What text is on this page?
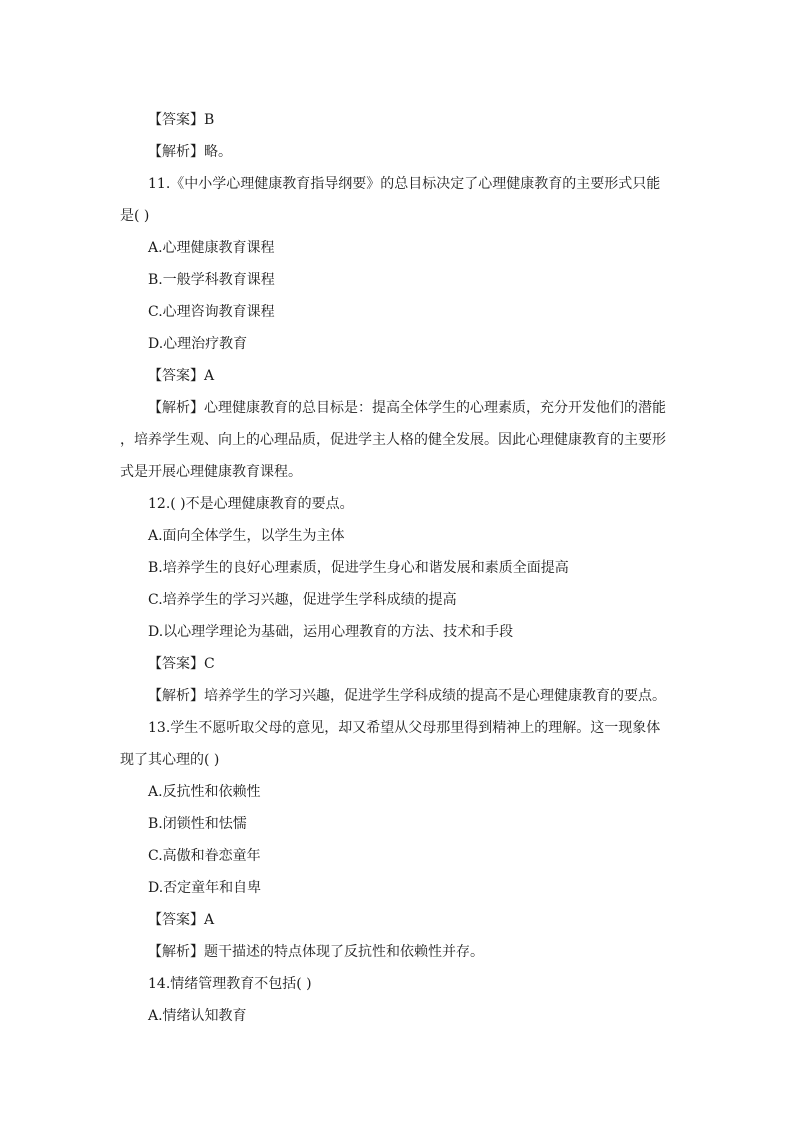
【答案】B
【解析】略。
11.《中小学心理健康教育指导纲要》的总目标决定了心理健康教育的主要形式只能
是( )
A.心理健康教育课程
B.一般学科教育课程
C.心理咨询教育课程
D.心理治疗教育
【答案】A
【解析】心理健康教育的总目标是：提高全体学生的心理素质，充分开发他们的潜能
，培养学生观、向上的心理品质，促进学主人格的健全发展。因此心理健康教育的主要形
式是开展心理健康教育课程。
12.( )不是心理健康教育的要点。
A.面向全体学生，以学生为主体
B.培养学生的良好心理素质，促进学生身心和谐发展和素质全面提高
C.培养学生的学习兴趣，促进学生学科成绩的提高
D.以心理学理论为基础，运用心理教育的方法、技术和手段
【答案】C
【解析】培养学生的学习兴趣，促进学生学科成绩的提高不是心理健康教育的要点。
13.学生不愿听取父母的意见，却又希望从父母那里得到精神上的理解。这一现象体
现了其心理的( )
A.反抗性和依赖性
B.闭锁性和怯懦
C.高傲和眷恋童年
D.否定童年和自卑
【答案】A
【解析】题干描述的特点体现了反抗性和依赖性并存。
14.情绪管理教育不包括( )
A.情绪认知教育
